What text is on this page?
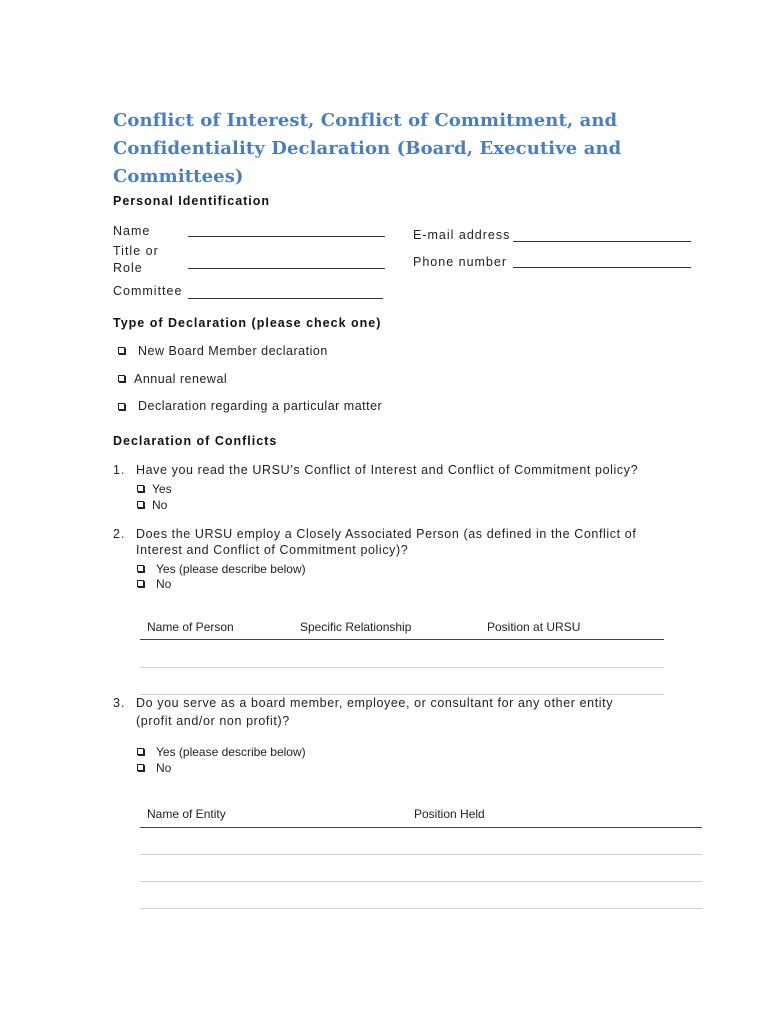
Conflict of Interest, Conflict of Commitment, and
Confidentiality Declaration (Board, Executive and
Committees)
Personal Identification
Name	E-mail address
Title or
Role	Phone number
Committee
Type of Declaration (please check one)
New Board Member declaration
Annual renewal
Declaration regarding a particular matter
Declaration of Conflicts
1. Have you read the URSU’s Conflict of Interest and Conflict of Commitment policy?
Yes
No
2. Does the URSU employ a Closely Associated Person (as defined in the Conflict of
Interest and Conflict of Commitment policy)?
Yes (please describe below)
No
Name of Person	Specific Relationship	Position at URSU
3. Do you serve as a board member, employee, or consultant for any other entity
(profit and/or non profit)?
Yes (please describe below)
No
Name of Entity	Position Held
